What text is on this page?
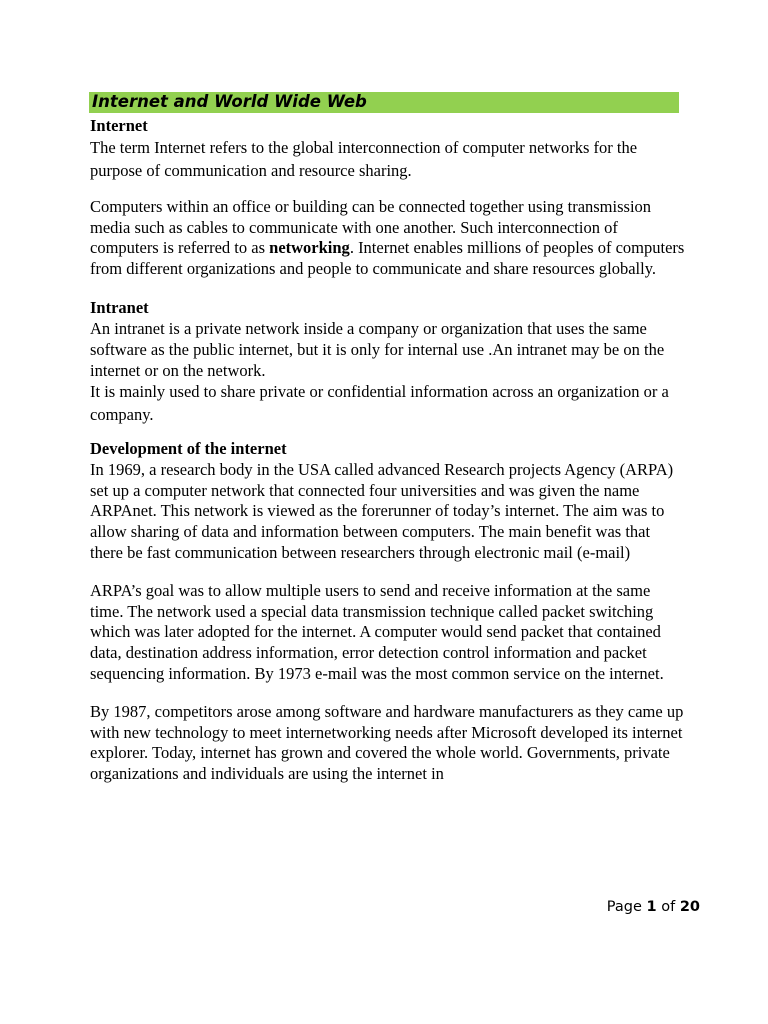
Internet and World Wide Web
Internet
The term Internet refers to the global interconnection of computer networks for the purpose of communication and resource sharing.
Computers within an office or building can be connected together using transmission media such as cables to communicate with one another. Such interconnection of computers is referred to as networking. Internet enables millions of peoples of computers from different organizations and people to communicate and share resources globally.
Intranet
An intranet is a private network inside a company or organization that uses the same software as the public internet, but it is only for internal use .An intranet may be on the internet or on the network.
It is mainly used to share private or confidential information across an organization or a company.
Development of the internet
In 1969, a research body in the USA called advanced Research projects Agency (ARPA) set up a computer network that connected four universities and was given the name ARPAnet. This network is viewed as the forerunner of today’s internet. The aim was to allow sharing of data and information between computers. The main benefit was that there be fast communication between researchers through electronic mail (e-mail)
ARPA’s goal was to allow multiple users to send and receive information at the same time. The network used a special data transmission technique called packet switching which was later adopted for the internet. A computer would send packet that contained data, destination address information, error detection control information and packet sequencing information. By 1973 e-mail was the most common service on the internet.
By 1987, competitors arose among software and hardware manufacturers as they came up with new technology to meet internetworking needs after Microsoft developed its internet explorer. Today, internet has grown and covered the whole world. Governments, private organizations and individuals are using the internet in
Page 1 of 20
